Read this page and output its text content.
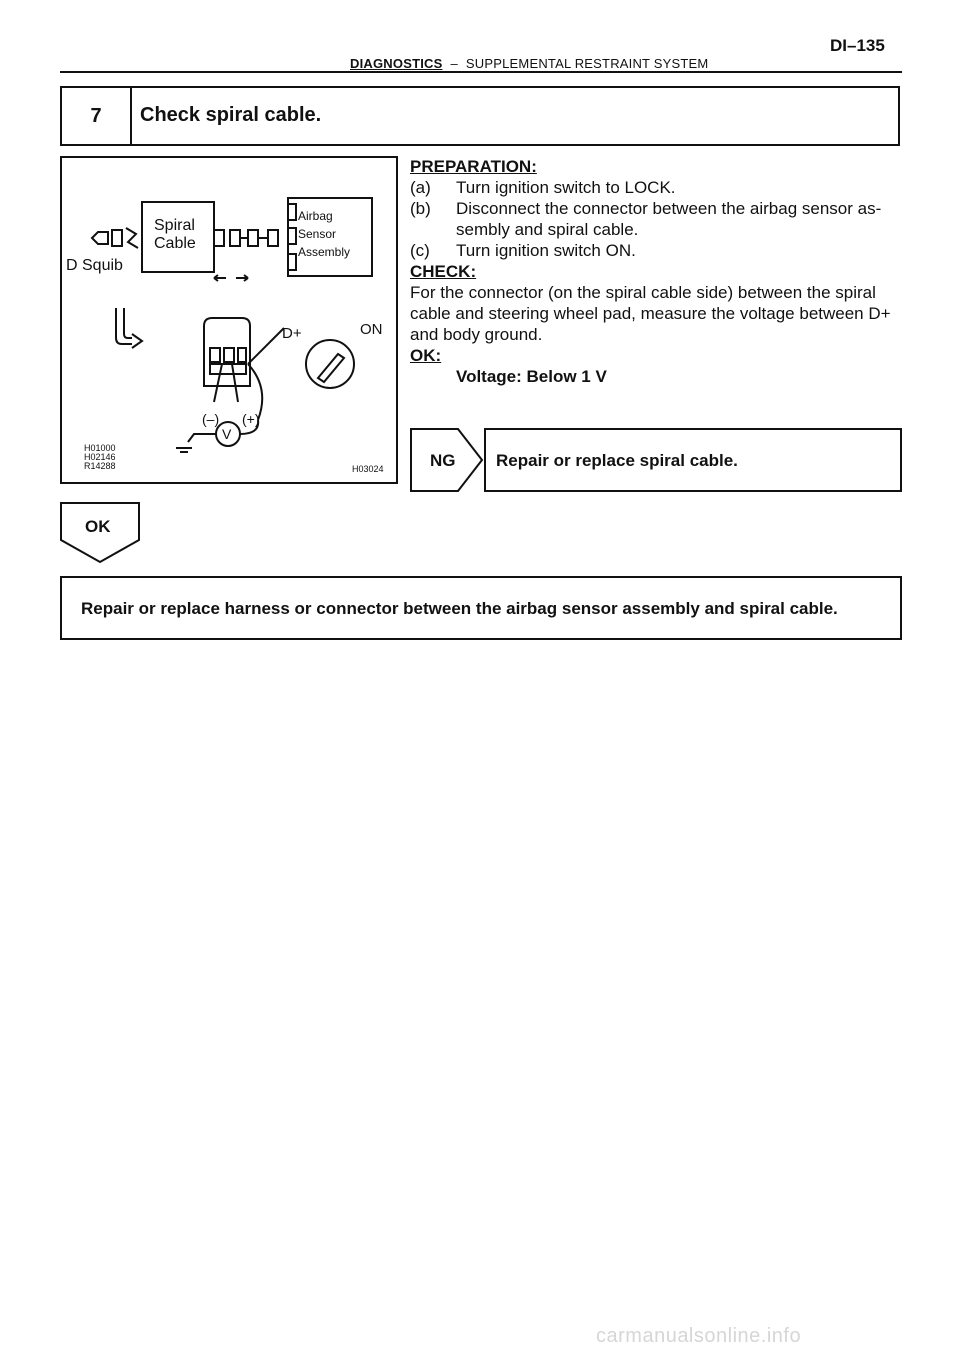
DI–135
DIAGNOSTICS – SUPPLEMENTAL RESTRAINT SYSTEM
7	Check spiral cable.
Spiral
Cable
D Squib
Airbag
Sensor
Assembly
D+	ON
(–) (+)
V
H01000
H02146
R14288	H03024
PREPARATION:
(a)	Turn ignition switch to LOCK.
(b)	Disconnect the connector between the airbag sensor as-sembly and spiral cable.
(c)	Turn ignition switch ON.
CHECK:
For the connector (on the spiral cable side) between the spiral cable and steering wheel pad, measure the voltage between D+ and body ground.
OK:
Voltage: Below 1 V
NG Repair or replace spiral cable.
OK
Repair or replace harness or connector between the airbag sensor assembly and spiral cable.
carmanualsonline.info
